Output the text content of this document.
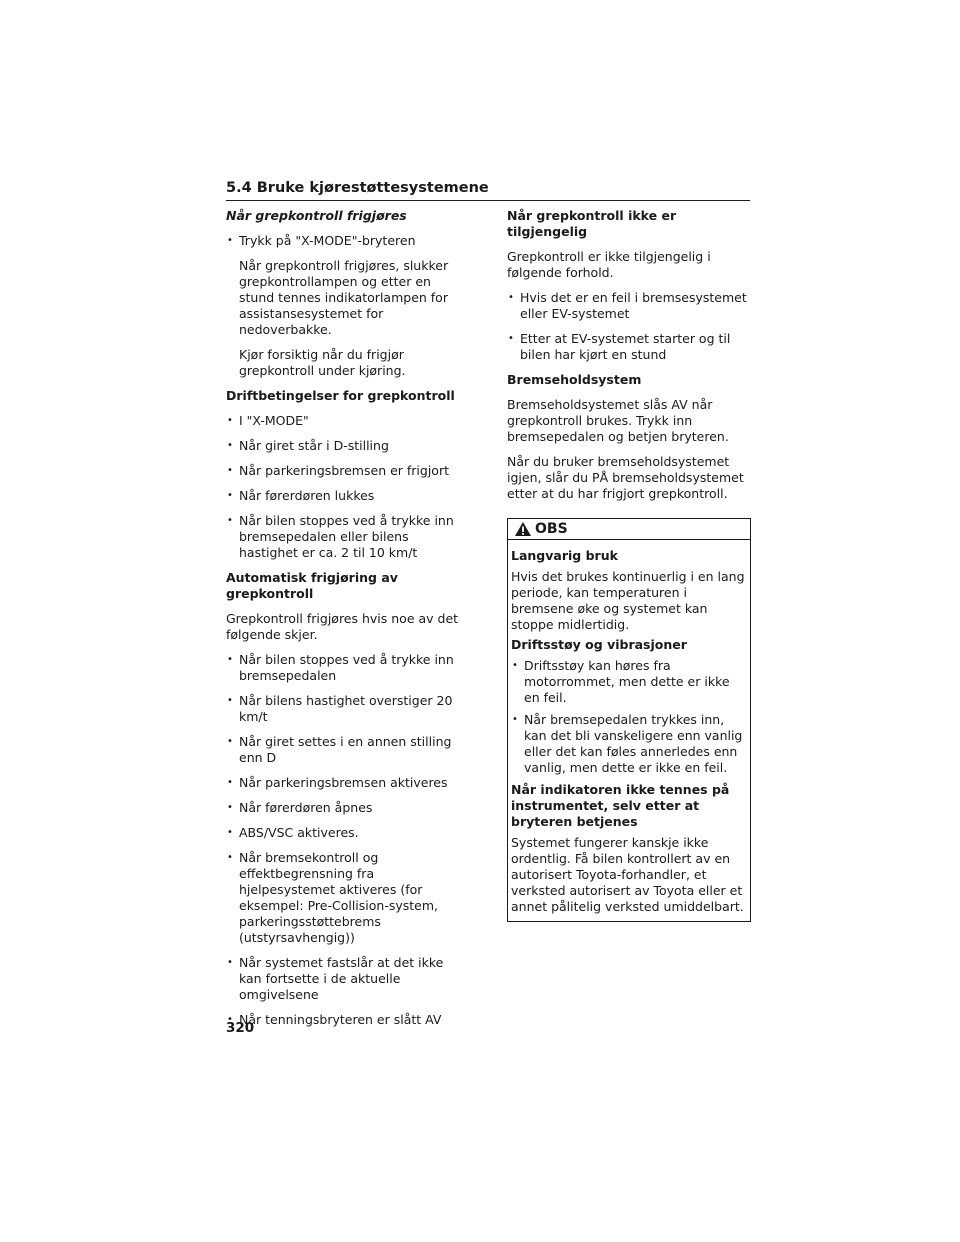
5.4 Bruke kjørestøttesystemene
Når grepkontroll frigjøres
• Trykk på "X-MODE"-bryteren
Når grepkontroll frigjøres, slukker grepkontrollampen og etter en stund tennes indikatorlampen for assistansesystemet for nedoverbakke.
Kjør forsiktig når du frigjør grepkontroll under kjøring.
Driftbetingelser for grepkontroll
• I "X-MODE"
• Når giret står i D-stilling
• Når parkeringsbremsen er frigjort
• Når førerdøren lukkes
• Når bilen stoppes ved å trykke inn bremsepedalen eller bilens hastighet er ca. 2 til 10 km/t
Automatisk frigjøring av grepkontroll

Grepkontroll frigjøres hvis noe av det følgende skjer.

• Når bilen stoppes ved å trykke inn bremsepedalen
• Når bilens hastighet overstiger 20 km/t
• Når giret settes i en annen stilling enn D
• Når parkeringsbremsen aktiveres
• Når førerdøren åpnes
• ABS/VSC aktiveres.
• Når bremsekontroll og effektbegrensning fra hjelpesystemet aktiveres (for eksempel: Pre-Collision-system, parkeringsstøttebrems (utstyrsavhengig))
• Når systemet fastslår at det ikke kan fortsette i de aktuelle omgivelsene
• Når tenningsbryteren er slått AV
Når grepkontroll ikke er tilgjengelig

Grepkontroll er ikke tilgjengelig i følgende forhold.

• Hvis det er en feil i bremsesystemet eller EV-systemet
• Etter at EV-systemet starter og til bilen har kjørt en stund
Bremseholdsystem

Bremseholdsystemet slås AV når grepkontroll brukes. Trykk inn bremsepedalen og betjen bryteren.

Når du bruker bremseholdsystemet igjen, slår du PÅ bremseholdsystemet etter at du har frigjort grepkontroll.

OBS
Langvarig bruk

Hvis det brukes kontinuerlig i en lang periode, kan temperaturen i bremsene øke og systemet kan stoppe midlertidig.

Driftsstøy og vibrasjoner
• Driftsstøy kan høres fra motorrommet, men dette er ikke en feil.
• Når bremsepedalen trykkes inn, kan det bli vanskeligere enn vanlig eller det kan føles annerledes enn vanlig, men dette er ikke en feil.
Når indikatoren ikke tennes på instrumentet, selv etter at bryteren betjenes

Systemet fungerer kanskje ikke ordentlig. Få bilen kontrollert av en autorisert Toyota-forhandler, et verksted autorisert av Toyota eller et annet pålitelig verksted umiddelbart.

320
